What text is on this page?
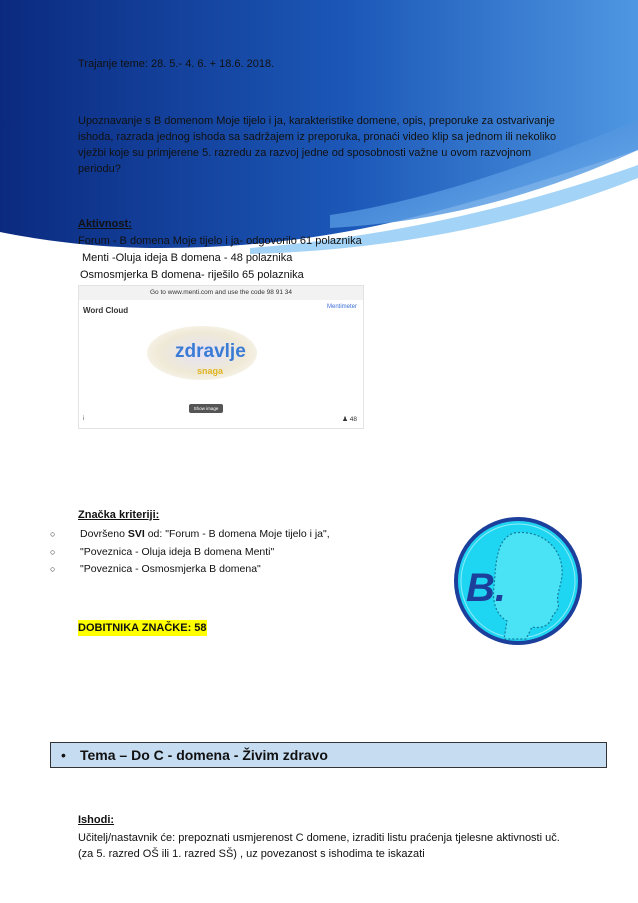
Trajanje teme: 28. 5.- 4. 6. + 18.6. 2018.
Upoznavanje s B domenom Moje tijelo i ja, karakteristike domene, opis, preporuke za ostvarivanje ishoda, razrada jednog ishoda sa sadržajem iz preporuka, pronaći video klip sa jednom ili nekoliko vježbi koje su primjerene 5. razredu za razvoj jedne od sposobnosti važne u ovom razvojnom periodu?
Aktivnost:
Forum - B domena Moje tijelo i ja- odgovorilo 61 polaznika
Menti -Oluja ideja B domena - 48 polaznika
Osmosmjerka B domena- riješilo 65 polaznika
Go to www.menti.com and use the code 98 91 34
Word Cloud	Mentimeter
zdravlje
snaga
Show image
i	♟ 48
Značka kriteriji:
○ Dovršeno SVI od: "Forum - B domena Moje tijelo i ja",
○ "Poveznica - Oluja ideja B domena Menti"
○ "Poveznica - Osmosmjerka B domena"
DOBITNIKA ZNAČKE: 58
B.
• Tema – Do C - domena - Živim zdravo
Ishodi:
Učitelj/nastavnik će: prepoznati usmjerenost C domene, izraditi listu praćenja tjelesne aktivnosti uč. (za 5. razred OŠ ili 1. razred SŠ) , uz povezanost s ishodima te iskazati
